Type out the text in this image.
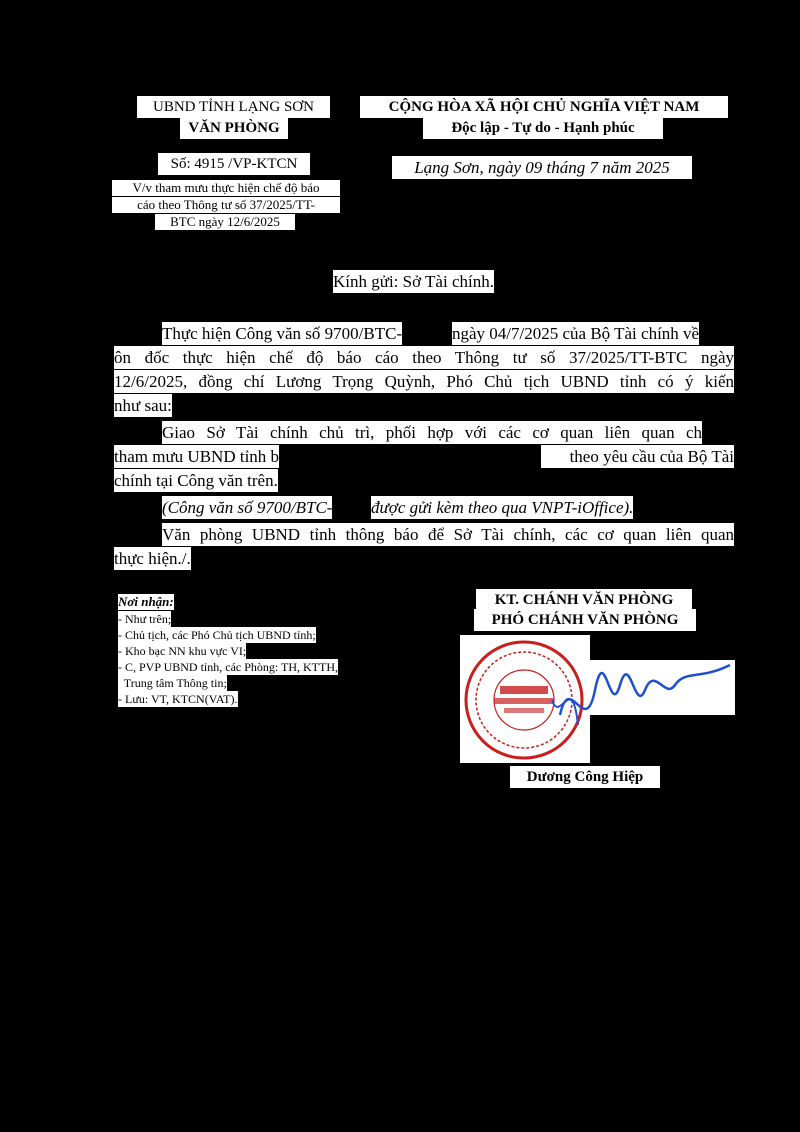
UBND TỈNH LẠNG SƠN
VĂN PHÒNG
Số: 4915 /VP-KTCN
V/v tham mưu thực hiện chế độ báo
cáo theo Thông tư số 37/2025/TT-
BTC ngày 12/6/2025
CỘNG HÒA XÃ HỘI CHỦ NGHĨA VIỆT NAM
Độc lập - Tự do - Hạnh phúc
Lạng Sơn, ngày 09 tháng 7 năm 2025
Kính gửi: Sở Tài chính.
Thực hiện Công văn số 9700/BTC-	ngày 04/7/2025 của Bộ Tài chính về
ôn đốc thực hiện chế độ báo cáo theo Thông tư số 37/2025/TT-BTC ngày
12/6/2025, đồng chí Lương Trọng Quỳnh, Phó Chủ tịch UBND tỉnh có ý kiến
như sau:
Giao Sở Tài chính chủ trì, phối hợp với các cơ quan liên quan ch
tham mưu UBND tỉnh b	theo yêu cầu của Bộ Tài
chính tại Công văn trên.
(Công văn số 9700/BTC- được gửi kèm theo qua VNPT-iOffice).
Văn phòng UBND tỉnh thông báo để Sở Tài chính, các cơ quan liên quan
thực hiện./.
Nơi nhận:
- Như trên;
- Chủ tịch, các Phó Chủ tịch UBND tỉnh;
- Kho bạc NN khu vực VI;
- C, PVP UBND tỉnh, các Phòng: TH, KTTH,
Trung tâm Thông tin;
- Lưu: VT, KTCN(VAT).
KT. CHÁNH VĂN PHÒNG
PHÓ CHÁNH VĂN PHÒNG
Dương Công Hiệp
